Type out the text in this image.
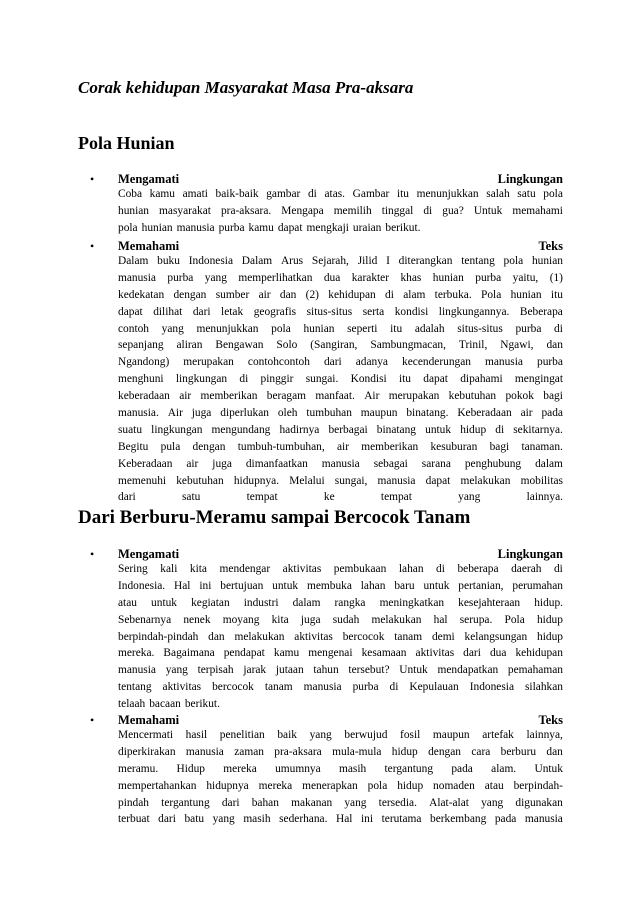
Corak kehidupan Masyarakat Masa Pra-aksara
Pola Hunian
• Mengamati	Lingkungan
Coba kamu amati baik-baik gambar di atas. Gambar itu menunjukkan salah satu pola
hunian masyarakat pra-aksara. Mengapa memilih tinggal di gua? Untuk memahami
pola hunian manusia purba kamu dapat mengkaji uraian berikut.
• Memahami	Teks
Dalam buku Indonesia Dalam Arus Sejarah, Jilid I diterangkan tentang pola hunian
manusia purba yang memperlihatkan dua karakter khas hunian purba yaitu, (1)
kedekatan dengan sumber air dan (2) kehidupan di alam terbuka. Pola hunian itu
dapat dilihat dari letak geografis situs-situs serta kondisi lingkungannya. Beberapa
contoh yang menunjukkan pola hunian seperti itu adalah situs-situs purba di
sepanjang aliran Bengawan Solo (Sangiran, Sambungmacan, Trinil, Ngawi, dan
Ngandong) merupakan contohcontoh dari adanya kecenderungan manusia purba
menghuni lingkungan di pinggir sungai. Kondisi itu dapat dipahami mengingat
keberadaan air memberikan beragam manfaat. Air merupakan kebutuhan pokok bagi
manusia. Air juga diperlukan oleh tumbuhan maupun binatang. Keberadaan air pada
suatu lingkungan mengundang hadirnya berbagai binatang untuk hidup di sekitarnya.
Begitu pula dengan tumbuh-tumbuhan, air memberikan kesuburan bagi tanaman.
Keberadaan air juga dimanfaatkan manusia sebagai sarana penghubung dalam
memenuhi kebutuhan hidupnya. Melalui sungai, manusia dapat melakukan mobilitas
dari	satu	tempat	ke	tempat	yang	lainnya.
Dari Berburu-Meramu sampai Bercocok Tanam
• Mengamati	Lingkungan
Sering kali kita mendengar aktivitas pembukaan lahan di beberapa daerah di
Indonesia. Hal ini bertujuan untuk membuka lahan baru untuk pertanian, perumahan
atau untuk kegiatan industri dalam rangka meningkatkan kesejahteraan hidup.
Sebenarnya nenek moyang kita juga sudah melakukan hal serupa. Pola hidup
berpindah-pindah dan melakukan aktivitas bercocok tanam demi kelangsungan hidup
mereka. Bagaimana pendapat kamu mengenai kesamaan aktivitas dari dua kehidupan
manusia yang terpisah jarak jutaan tahun tersebut? Untuk mendapatkan pemahaman
tentang aktivitas bercocok tanam manusia purba di Kepulauan Indonesia silahkan
telaah bacaan berikut.
• Memahami	Teks
Mencermati hasil penelitian baik yang berwujud fosil maupun artefak lainnya,
diperkirakan manusia zaman pra-aksara mula-mula hidup dengan cara berburu dan
meramu. Hidup mereka umumnya masih tergantung pada alam. Untuk
mempertahankan hidupnya mereka menerapkan pola hidup nomaden atau berpindah-
pindah tergantung dari bahan makanan yang tersedia. Alat-alat yang digunakan
terbuat dari batu yang masih sederhana. Hal ini terutama berkembang pada manusia
